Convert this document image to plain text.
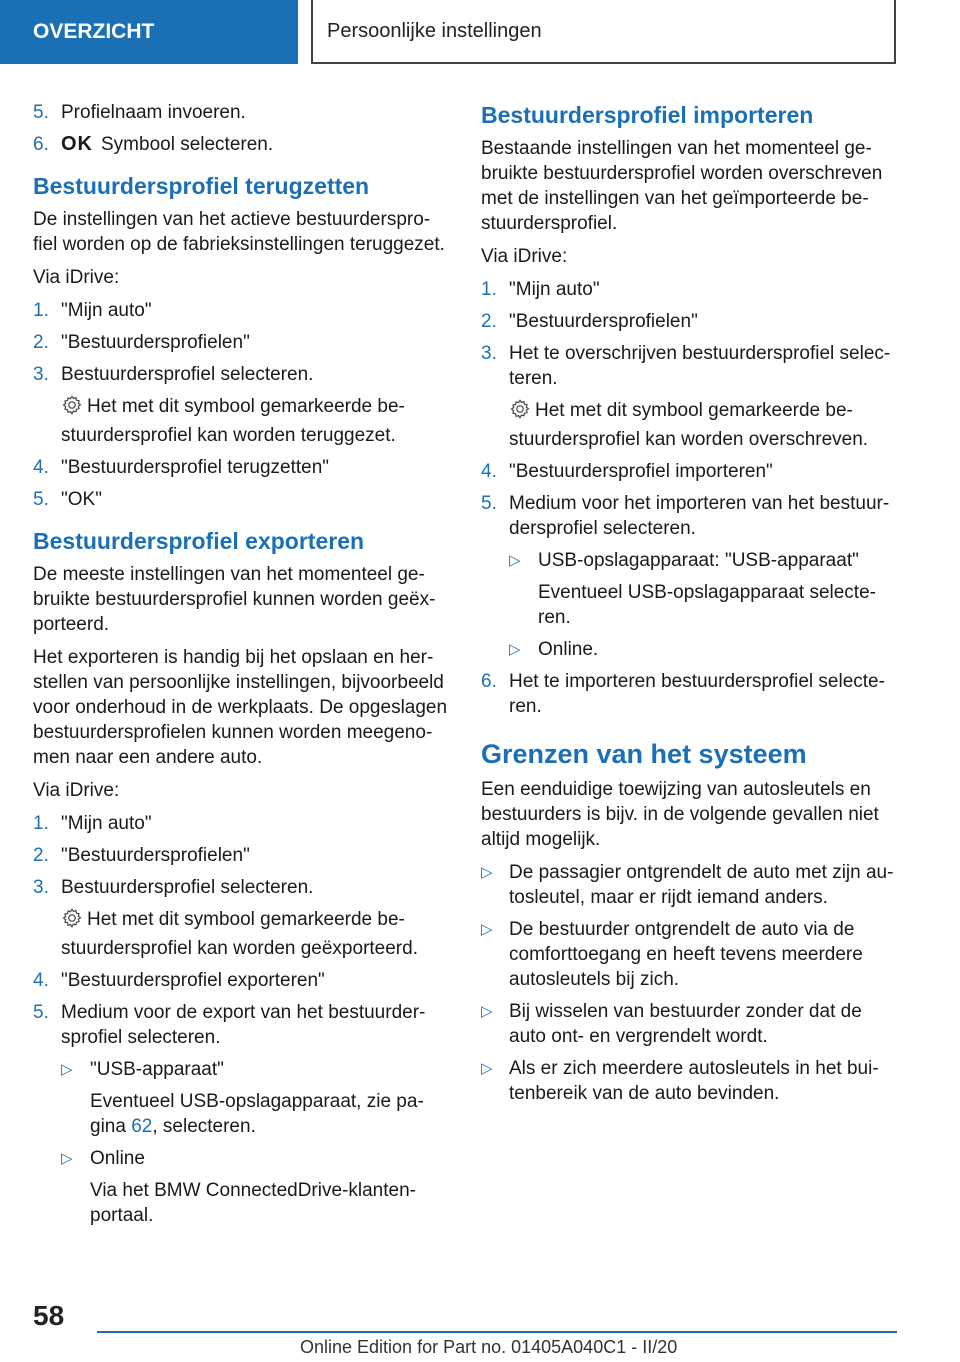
OVERZICHT	Persoonlijke instellingen
5. Profielnaam invoeren.
6. OK Symbool selecteren.
Bestuurdersprofiel terugzetten
De instellingen van het actieve bestuurdersprofiel worden op de fabrieksinstellingen teruggezet.
Via iDrive:
1. "Mijn auto"
2. "Bestuurdersprofielen"
3. Bestuurdersprofiel selecteren.
Het met dit symbool gemarkeerde bestuurdersprofiel kan worden teruggezet.
4. "Bestuurdersprofiel terugzetten"
5. "OK"
Bestuurdersprofiel exporteren
De meeste instellingen van het momenteel gebruikte bestuurdersprofiel kunnen worden geëxporteerd.
Het exporteren is handig bij het opslaan en herstellen van persoonlijke instellingen, bijvoorbeeld voor onderhoud in de werkplaats. De opgeslagen bestuurdersprofielen kunnen worden meegenomen naar een andere auto.
Via iDrive:
1. "Mijn auto"
2. "Bestuurdersprofielen"
3. Bestuurdersprofiel selecteren.
Het met dit symbool gemarkeerde bestuurdersprofiel kan worden geëxporteerd.
4. "Bestuurdersprofiel exporteren"
5. Medium voor de export van het bestuurdersprofiel selecteren.
▷ "USB-apparaat"
Eventueel USB-opslagapparaat, zie pagina 62, selecteren.
▷ Online
Via het BMW ConnectedDrive-klantenportaal.
Bestuurdersprofiel importeren
Bestaande instellingen van het momenteel gebruikte bestuurdersprofiel worden overschreven met de instellingen van het geïmporteerde bestuurdersprofiel.
Via iDrive:
1. "Mijn auto"
2. "Bestuurdersprofielen"
3. Het te overschrijven bestuurdersprofiel selecteren.
Het met dit symbool gemarkeerde bestuurdersprofiel kan worden overschreven.
4. "Bestuurdersprofiel importeren"
5. Medium voor het importeren van het bestuurdersprofiel selecteren.
▷ USB-opslagapparaat: "USB-apparaat"
Eventueel USB-opslagapparaat selecteren.
▷ Online.
6. Het te importeren bestuurdersprofiel selecteren.
Grenzen van het systeem
Een eenduidige toewijzing van autosleutels en bestuurders is bijv. in de volgende gevallen niet altijd mogelijk.
▷ De passagier ontgrendelt de auto met zijn autosleutel, maar er rijdt iemand anders.
▷ De bestuurder ontgrendelt de auto via de comforttoegang en heeft tevens meerdere autosleutels bij zich.
▷ Bij wisselen van bestuurder zonder dat de auto ont- en vergrendelt wordt.
▷ Als er zich meerdere autosleutels in het buitenbereik van de auto bevinden.
58
Online Edition for Part no. 01405A040C1 - II/20
